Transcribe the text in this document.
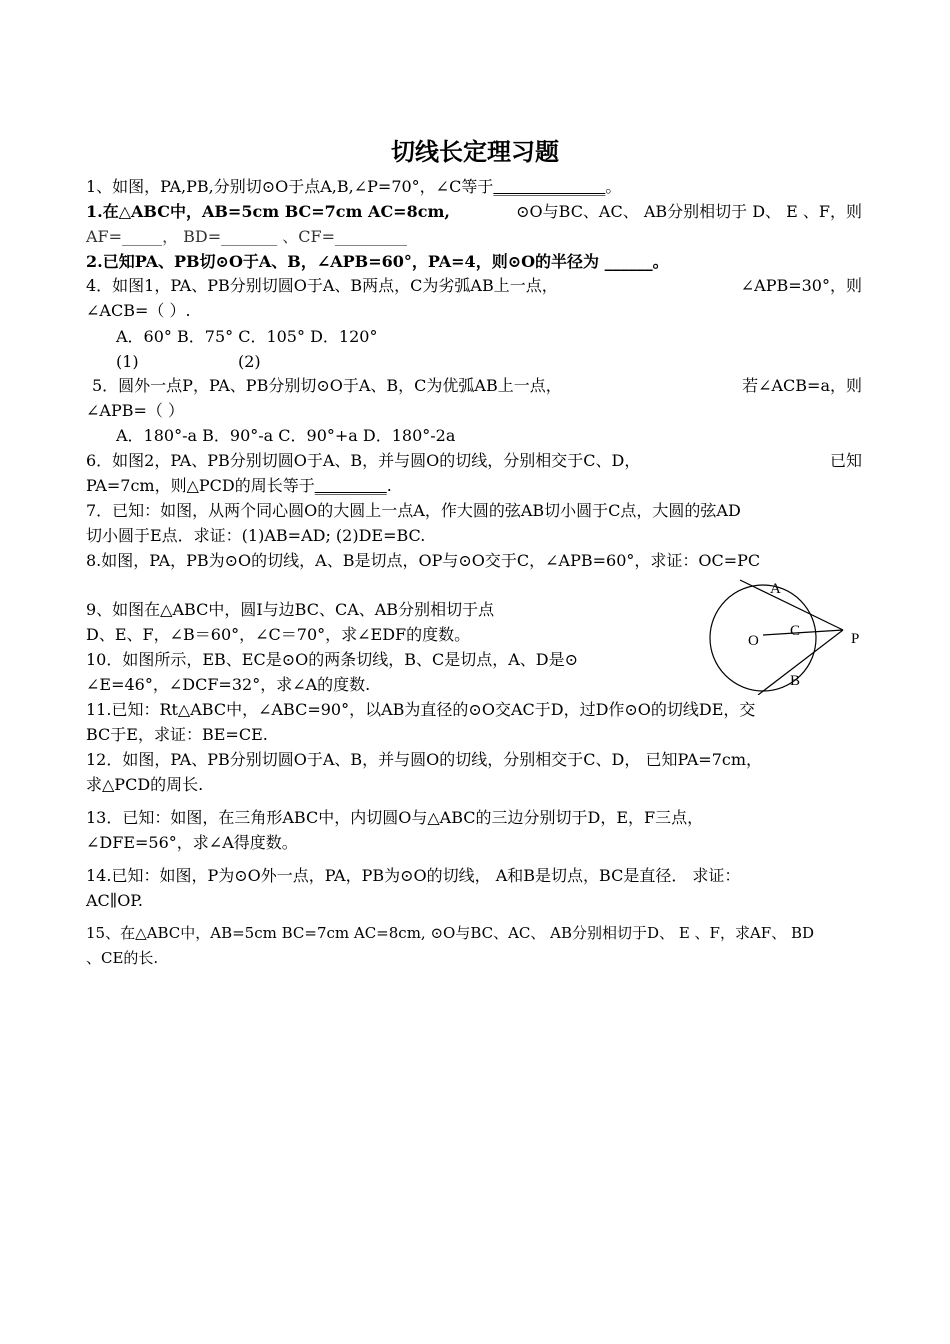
切线长定理习题
1、如图，PA,PB,分别切⊙O于点A,B,∠P=70°，∠C等于______________。
1.在△ABC中，AB=5cm BC=7cm AC=8cm,	⊙O与BC、AC、 AB分别相切于 D、 E 、F，则
AF=_____， BD=_______ 、CF=_________
2.已知PA、PB切⊙O于A、B，∠APB=60°，PA=4，则⊙O的半径为 ______。
4．如图1，PA、PB分别切圆O于A、B两点，C为劣弧AB上一点，	∠APB=30°，则
∠ACB=（ ）.
A．60° B．75° C．105° D．120°
(1)	(2)
5．圆外一点P，PA、PB分别切⊙O于A、B，C为优弧AB上一点，	若∠ACB=a，则
∠APB=（ ）
A．180°-a B．90°-a C．90°+a D．180°-2a
6．如图2，PA、PB分别切圆O于A、B，并与圆O的切线，分别相交于C、D，	已知
PA=7cm，则△PCD的周长等于_________.
7．已知：如图，从两个同心圆O的大圆上一点A，作大圆的弦AB切小圆于C点，大圆的弦AD
切小圆于E点．求证：(1)AB=AD; (2)DE=BC.
8.如图，PA，PB为⊙O的切线，A、B是切点，OP与⊙O交于C，∠APB=60°，求证：OC=PC
9、如图在△ABC中，圆I与边BC、CA、AB分别相切于点
D、E、F，∠B＝60°，∠C＝70°，求∠EDF的度数。
10．如图所示，EB、EC是⊙O的两条切线，B、C是切点，A、D是⊙
∠E=46°，∠DCF=32°，求∠A的度数.
11.已知：Rt△ABC中，∠ABC=90°，以AB为直径的⊙O交AC于D，过D作⊙O的切线DE，交
BC于E，求证：BE=CE.
12．如图，PA、PB分别切圆O于A、B，并与圆O的切线，分别相交于C、D， 已知PA=7cm，
求△PCD的周长.
13．已知：如图，在三角形ABC中，内切圆O与△ABC的三边分别切于D，E，F三点，
∠DFE=56°，求∠A得度数。
14.已知：如图，P为⊙O外一点，PA，PB为⊙O的切线， A和B是切点，BC是直径． 求证：
AC∥OP.
15、在△ABC中，AB=5cm BC=7cm AC=8cm, ⊙O与BC、AC、 AB分别相切于D、 E 、F，求AF、 BD
、CE的长.
A
B
C
O	P
